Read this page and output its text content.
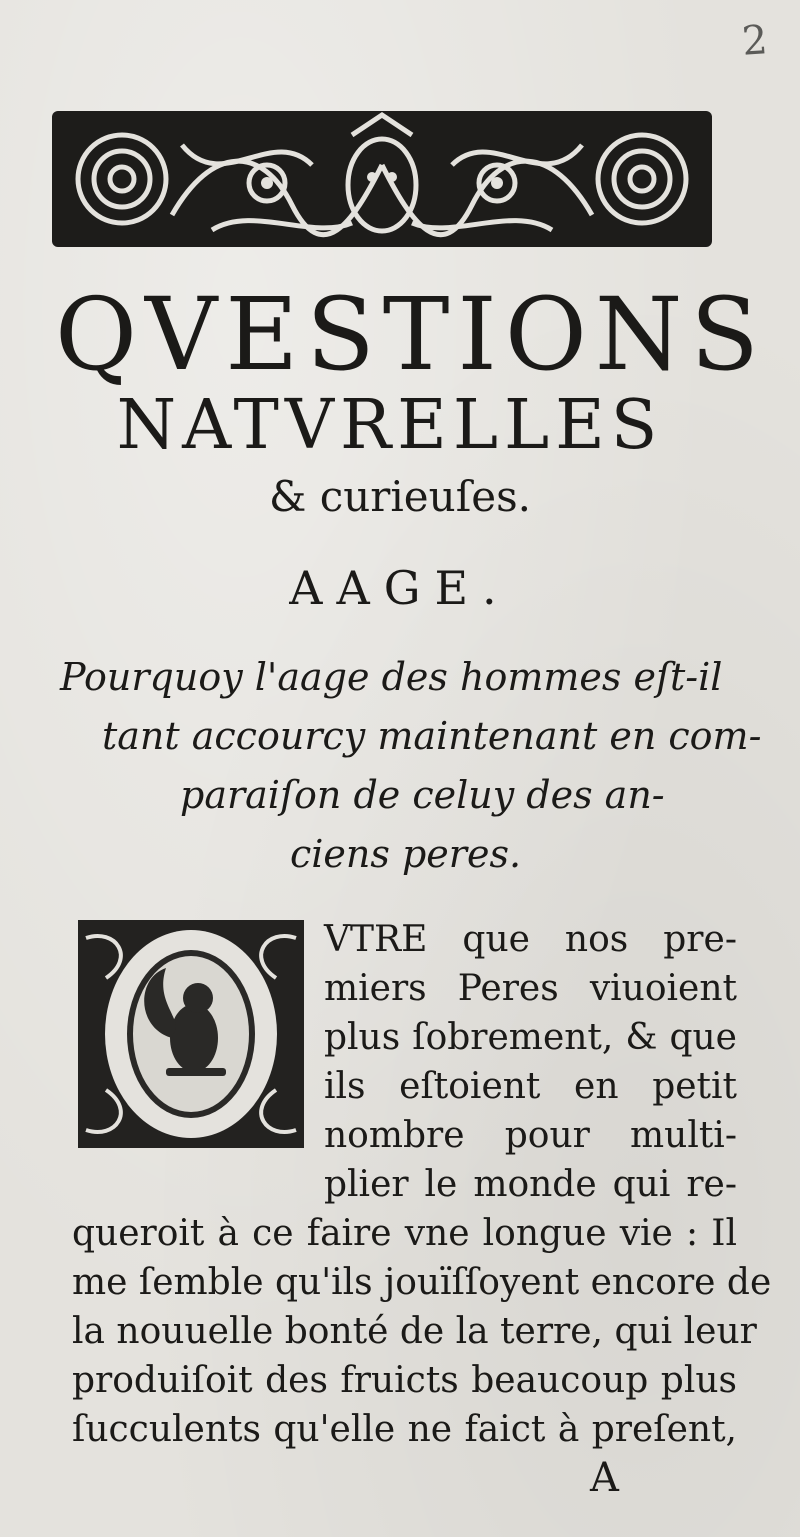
2
QVESTIONS
NATVRELLES
& curieuſes.
AAGE.

Pourquoy l'aage des hommes eſt-il
tant accourcy maintenant en com-
paraiſon de celuy des an-
ciens peres.

VTRE que nos pre-
miers Peres viuoient
plus ſobrement, & que
ils eſtoient en petit
nombre pour multi-
plier le monde qui re-
queroit à ce faire vne longue vie : Il
me ſemble qu'ils jouïſſoyent encore de
la nouuelle bonté de la terre, qui leur
produiſoit des fruicts beaucoup plus
ſucculents qu'elle ne faict à preſent,
A
